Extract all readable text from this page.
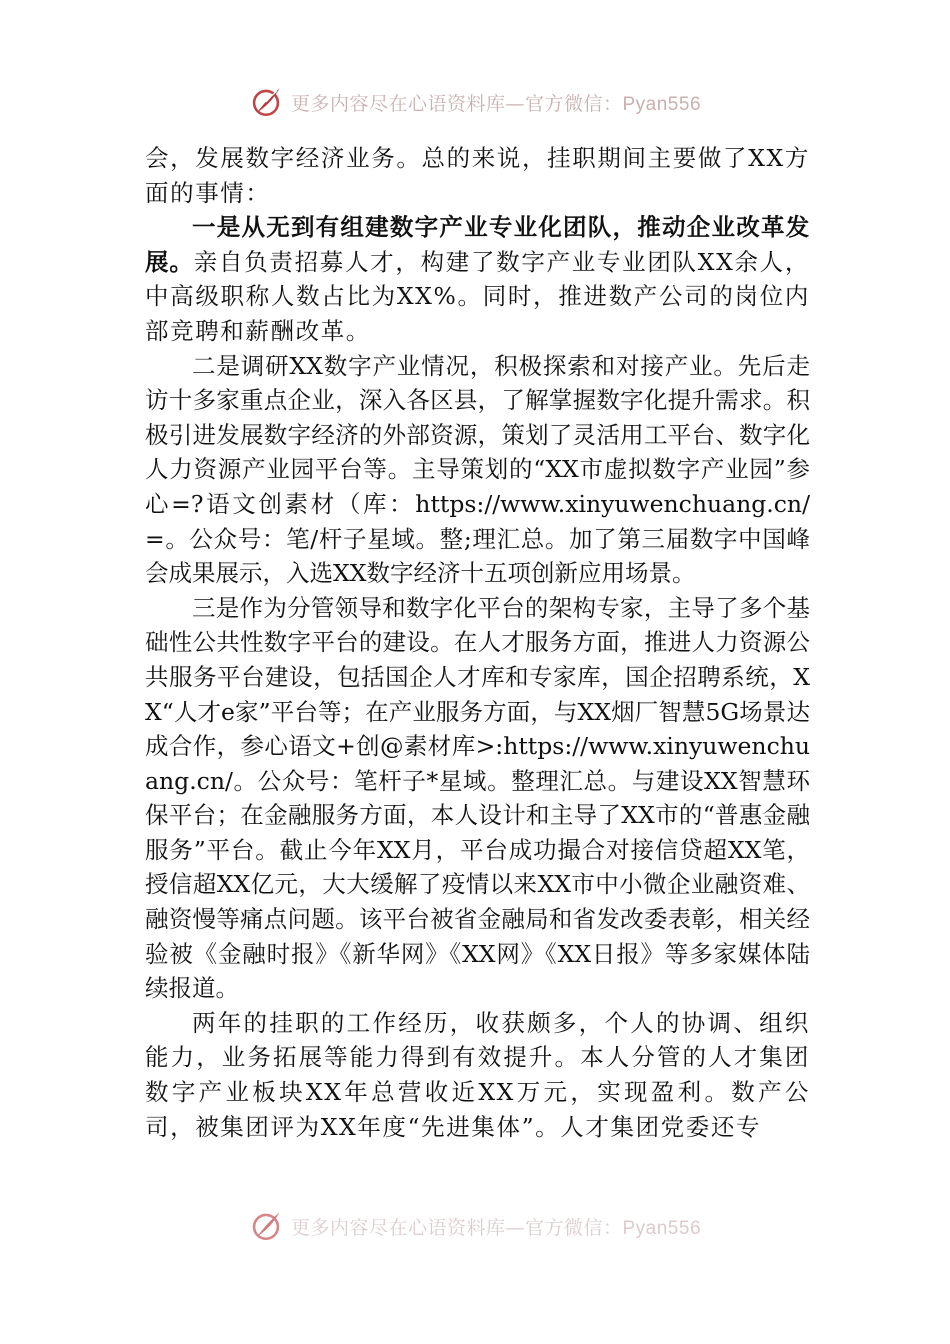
更多内容尽在心语资料库—官方微信：Pyan556

会，发展数字经济业务。总的来说，挂职期间主要做了XX方面的事情：

一是从无到有组建数字产业专业化团队，推动企业改革发展。亲自负责招募人才，构建了数字产业专业团队XX余人，中高级职称人数占比为XX%。同时，推进数产公司的岗位内部竞聘和薪酬改革。

二是调研XX数字产业情况，积极探索和对接产业。先后走访十多家重点企业，深入各区县，了解掌握数字化提升需求。积极引进发展数字经济的外部资源，策划了灵活用工平台、数字化人力资源产业园平台等。主导策划的“XX市虚拟数字产业园”参心=?语文创素材（库：https://www.xinyuwenchuang.cn/=。公众号：笔/杆子星域。整;理汇总。加了第三届数字中国峰会成果展示，入选XX数字经济十五项创新应用场景。

三是作为分管领导和数字化平台的架构专家，主导了多个基础性公共性数字平台的建设。在人才服务方面，推进人力资源公共服务平台建设，包括国企人才库和专家库，国企招聘系统，XX“人才e家”平台等；在产业服务方面，与XX烟厂智慧5G场景达成合作，参心语文+创@素材库>:https://www.xinyuwenchuang.cn/。公众号：笔杆子*星域。整理汇总。与建设XX智慧环保平台；在金融服务方面，本人设计和主导了XX市的“普惠金融服务”平台。截止今年XX月，平台成功撮合对接信贷超XX笔，授信超XX亿元，大大缓解了疫情以来XX市中小微企业融资难、融资慢等痛点问题。该平台被省金融局和省发改委表彰，相关经验被《金融时报》《新华网》《XX网》《XX日报》等多家媒体陆续报道。

两年的挂职的工作经历，收获颇多，个人的协调、组织能力，业务拓展等能力得到有效提升。本人分管的人才集团数字产业板块XX年总营收近XX万元，实现盈利。数产公司，被集团评为XX年度“先进集体”。人才集团党委还专

更多内容尽在心语资料库—官方微信：Pyan556
